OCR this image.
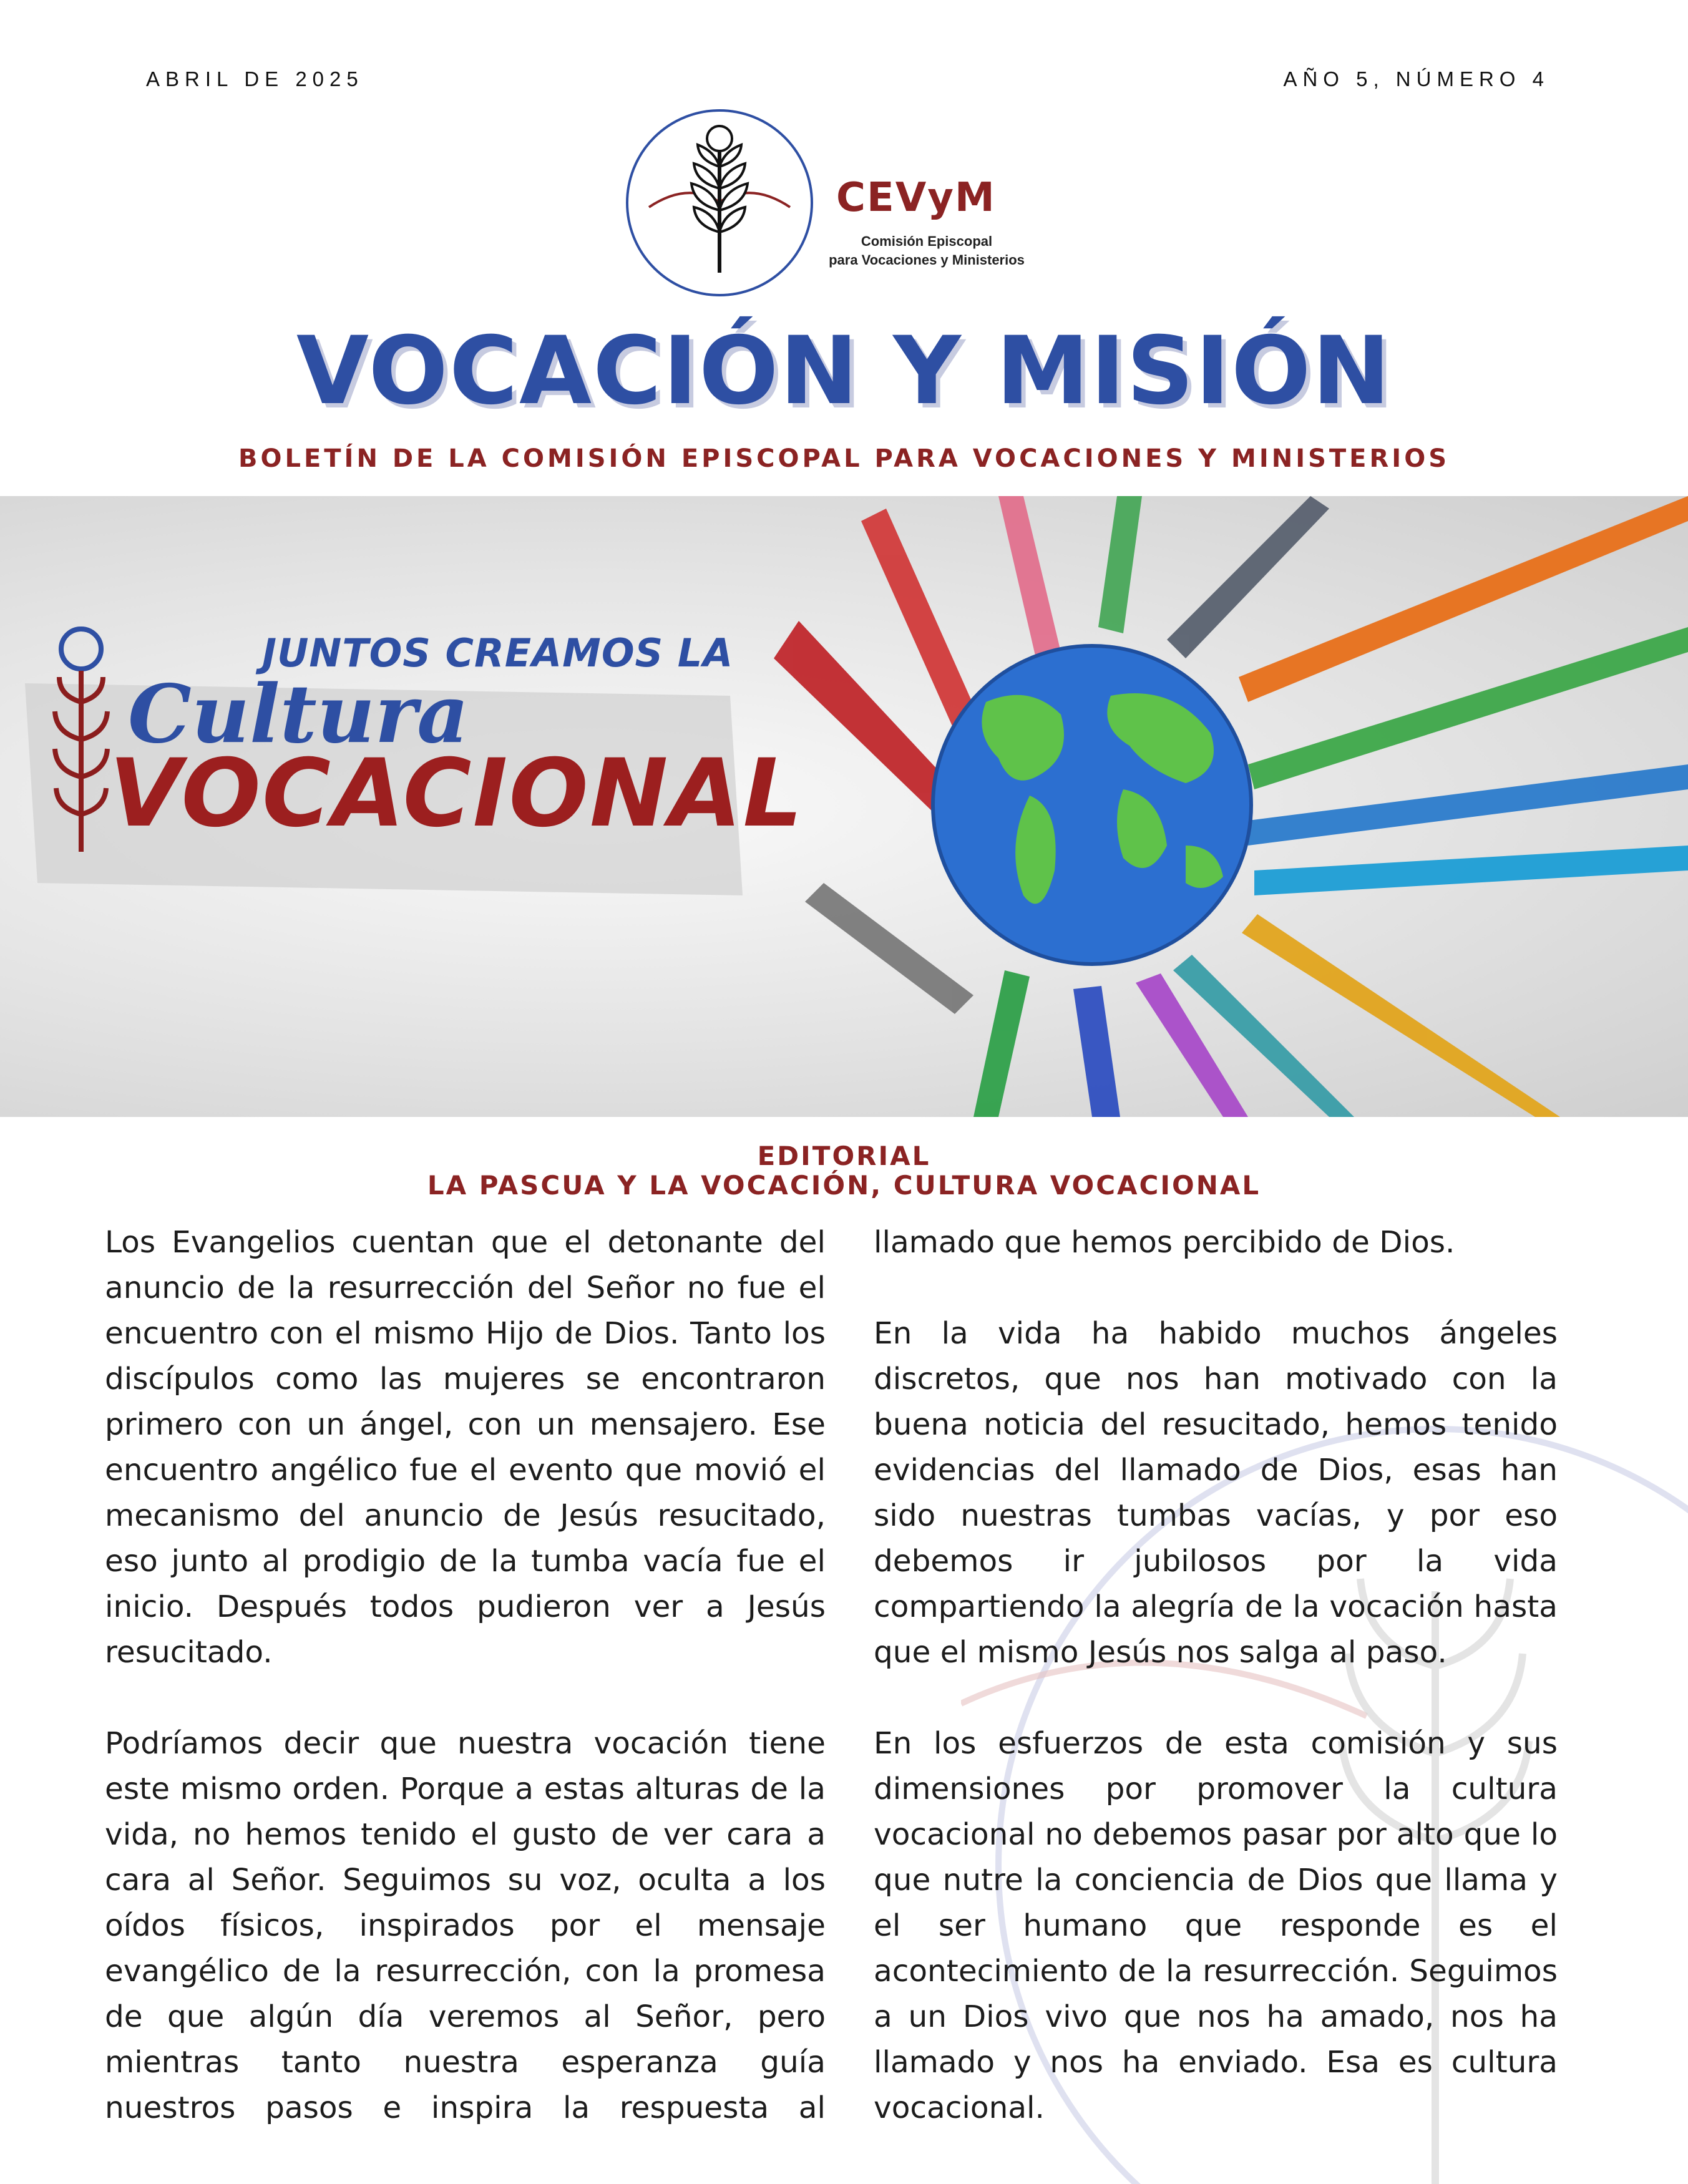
ABRIL DE 2025	AÑO 5, NÚMERO 4
CEVyM
Comisión Episcopal
para Vocaciones y Ministerios
VOCACIÓN Y MISIÓN
BOLETÍN DE LA COMISIÓN EPISCOPAL PARA VOCACIONES Y MINISTERIOS
JUNTOS CREAMOS LA
Cultura
VOCACIONAL
EDITORIAL
LA PASCUA Y LA VOCACIÓN, CULTURA VOCACIONAL

Los Evangelios cuentan que el detonante del anuncio de la resurrección del Señor no fue el encuentro con el mismo Hijo de Dios. Tanto los discípulos como las mujeres se encontraron primero con un ángel, con un mensajero. Ese encuentro angélico fue el evento que movió el mecanismo del anuncio de Jesús resucitado, eso junto al prodigio de la tumba vacía fue el inicio. Después todos pudieron ver a Jesús resucitado.

Podríamos decir que nuestra vocación tiene este mismo orden. Porque a estas alturas de la vida, no hemos tenido el gusto de ver cara a cara al Señor. Seguimos su voz, oculta a los oídos físicos, inspirados por el mensaje evangélico de la resurrección, con la promesa de que algún día veremos al Señor, pero mientras tanto nuestra esperanza guía nuestros pasos e inspira la respuesta al

llamado que hemos percibido de Dios.

En la vida ha habido muchos ángeles discretos, que nos han motivado con la buena noticia del resucitado, hemos tenido evidencias del llamado de Dios, esas han sido nuestras tumbas vacías, y por eso debemos ir jubilosos por la vida compartiendo la alegría de la vocación hasta que el mismo Jesús nos salga al paso.

En los esfuerzos de esta comisión y sus dimensiones por promover la cultura vocacional no debemos pasar por alto que lo que nutre la conciencia de Dios que llama y el ser humano que responde es el acontecimiento de la resurrección. Seguimos a un Dios vivo que nos ha amado, nos ha llamado y nos ha enviado. Esa es cultura vocacional.
